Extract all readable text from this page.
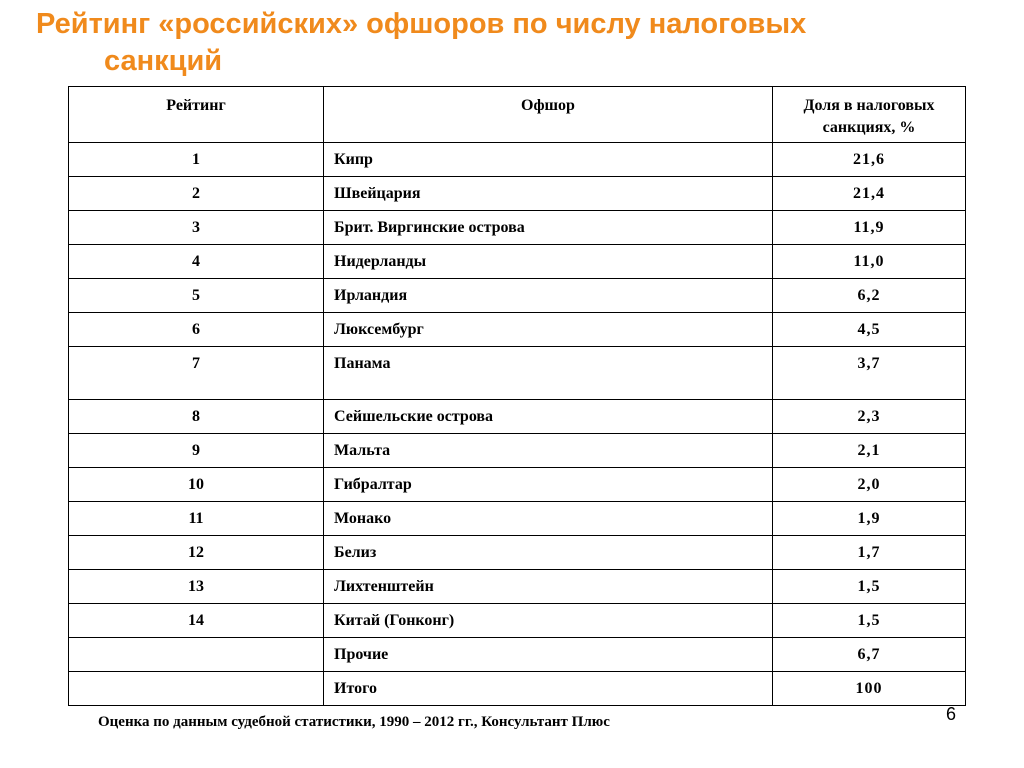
Рейтинг «российских» офшоров по числу налоговых
санкций
Рейтинг	Офшор	Доля в налоговых санкциях, %
1	Кипр	21,6
2	Швейцария	21,4
3	Брит. Виргинские острова	11,9
4	Нидерланды	11,0
5	Ирландия	6,2
6	Люксембург	4,5
7	Панама	3,7
8	Сейшельские острова	2,3
9	Мальта	2,1
10	Гибралтар	2,0
11	Монако	1,9
12	Белиз	1,7
13	Лихтенштейн	1,5
14	Китай (Гонконг)	1,5
	Прочие	6,7
	Итого	100
Оценка по данным судебной статистики, 1990 – 2012 гг., Консультант Плюс	6
